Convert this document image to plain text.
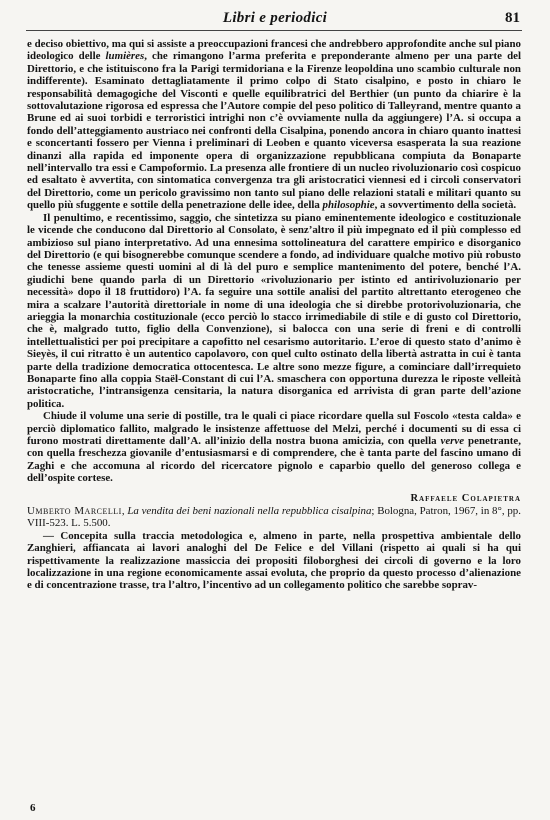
Libri e periodici	81

e deciso obiettivo, ma qui si assiste a preoccupazioni francesi che andrebbero approfondite anche sul piano ideologico delle lumières, che rimangono l’arma preferita e preponderante almeno per una parte del Direttorio, e che istituiscono fra la Parigi termidoriana e la Firenze leopoldina uno scambio culturale non indifferente). Esaminato dettagliatamente il primo colpo di Stato cisalpino, e posto in chiaro le responsabilità demagogiche del Visconti e quelle equilibratrici del Berthier (un punto da chiarire è la sottovalutazione rigorosa ed espressa che l’Autore compie del peso politico di Talleyrand, mentre quanto a Brune ed ai suoi torbidi e terroristici intrighi non c’è ovviamente nulla da aggiungere) l’A. si occupa a fondo dell’atteggiamento austriaco nei confronti della Cisalpina, ponendo ancora in chiaro quanto inattesi e sconcertanti fossero per Vienna i preliminari di Leoben e quanto viceversa esasperata la sua reazione dinanzi alla rapida ed imponente opera di organizzazione repubblicana compiuta da Bonaparte nell’intervallo tra essi e Campoformio. La presenza alle frontiere di un nucleo rivoluzionario così cospicuo ed esaltato è avvertita, con sintomatica convergenza tra gli aristocratici viennesi ed i circoli conservatori del Direttorio, come un pericolo gravissimo non tanto sul piano delle relazioni statali e militari quanto su quello più sfuggente e sottile della penetrazione delle idee, della philosophie, a sovvertimento della società.

Il penultimo, e recentissimo, saggio, che sintetizza su piano eminentemente ideologico e costituzionale le vicende che conducono dal Direttorio al Consolato, è senz’altro il più impegnato ed il più complesso ed ambizioso sul piano interpretativo. Ad una ennesima sottolineatura del carattere empirico e disorganico del Direttorio (e qui bisognerebbe comunque scendere a fondo, ad individuare qualche motivo più robusto che tenesse assieme questi uomini al di là del puro e semplice mantenimento del potere, benché l’A. giudichi bene quando parla di un Direttorio «rivoluzionario per istinto ed antirivoluzionario per necessità» dopo il 18 fruttidoro) l’A. fa seguire una sottile analisi del partito altrettanto eterogeneo che mira a scalzare l’autorità direttoriale in nome di una ideologia che si direbbe protorivoluzionaria, che arieggia la monarchia costituzionale (ecco perciò lo stacco irrimediabile di stile e di gusto col Direttorio, che è, malgrado tutto, figlio della Convenzione), si balocca con una serie di freni e di controlli intellettualistici per poi precipitare a capofitto nel cesarismo autoritario. L’eroe di questo stato d’animo è Sieyès, il cui ritratto è un autentico capolavoro, con quel culto ostinato della libertà astratta in cui è tanta parte della tradizione democratica ottocentesca. Le altre sono mezze figure, a cominciare dall’irrequieto Bonaparte fino alla coppia Staël-Constant di cui l’A. smaschera con opportuna durezza le riposte velleità aristocratiche, l’intransigenza censitaria, la natura disorganica ed arrivista di gran parte dell’azione politica.

Chiude il volume una serie di postille, tra le quali ci piace ricordare quella sul Foscolo «testa calda» e perciò diplomatico fallito, malgrado le insistenze affettuose del Melzi, perché i documenti su di essa ci furono mostrati direttamente dall’A. all’inizio della nostra buona amicizia, con quella verve penetrante, con quella freschezza giovanile d’entusiasmarsi e di comprendere, che è tanta parte del fascino umano di Zaghi e che accomuna al ricordo del ricercatore pignolo e caparbio quello del generoso collega e dell’ospite cortese.

Raffaele Colapietra

Umberto Marcelli, La vendita dei beni nazionali nella repubblica cisalpina; Bologna, Patron, 1967, in 8°, pp. VIII-523. L. 5.500.

— Concepita sulla traccia metodologica e, almeno in parte, nella prospettiva ambientale dello Zanghieri, affiancata ai lavori analoghi del De Felice e del Villani (rispetto ai quali si ha qui rispettivamente la realizzazione massiccia dei propositi filoborghesi dei circoli di governo e la loro localizzazione in una regione economicamente assai evoluta, che proprio da questo processo d’alienazione e di concentrazione trasse, tra l’altro, l’incentivo ad un collegamento politico che sarebbe soprav-

6
